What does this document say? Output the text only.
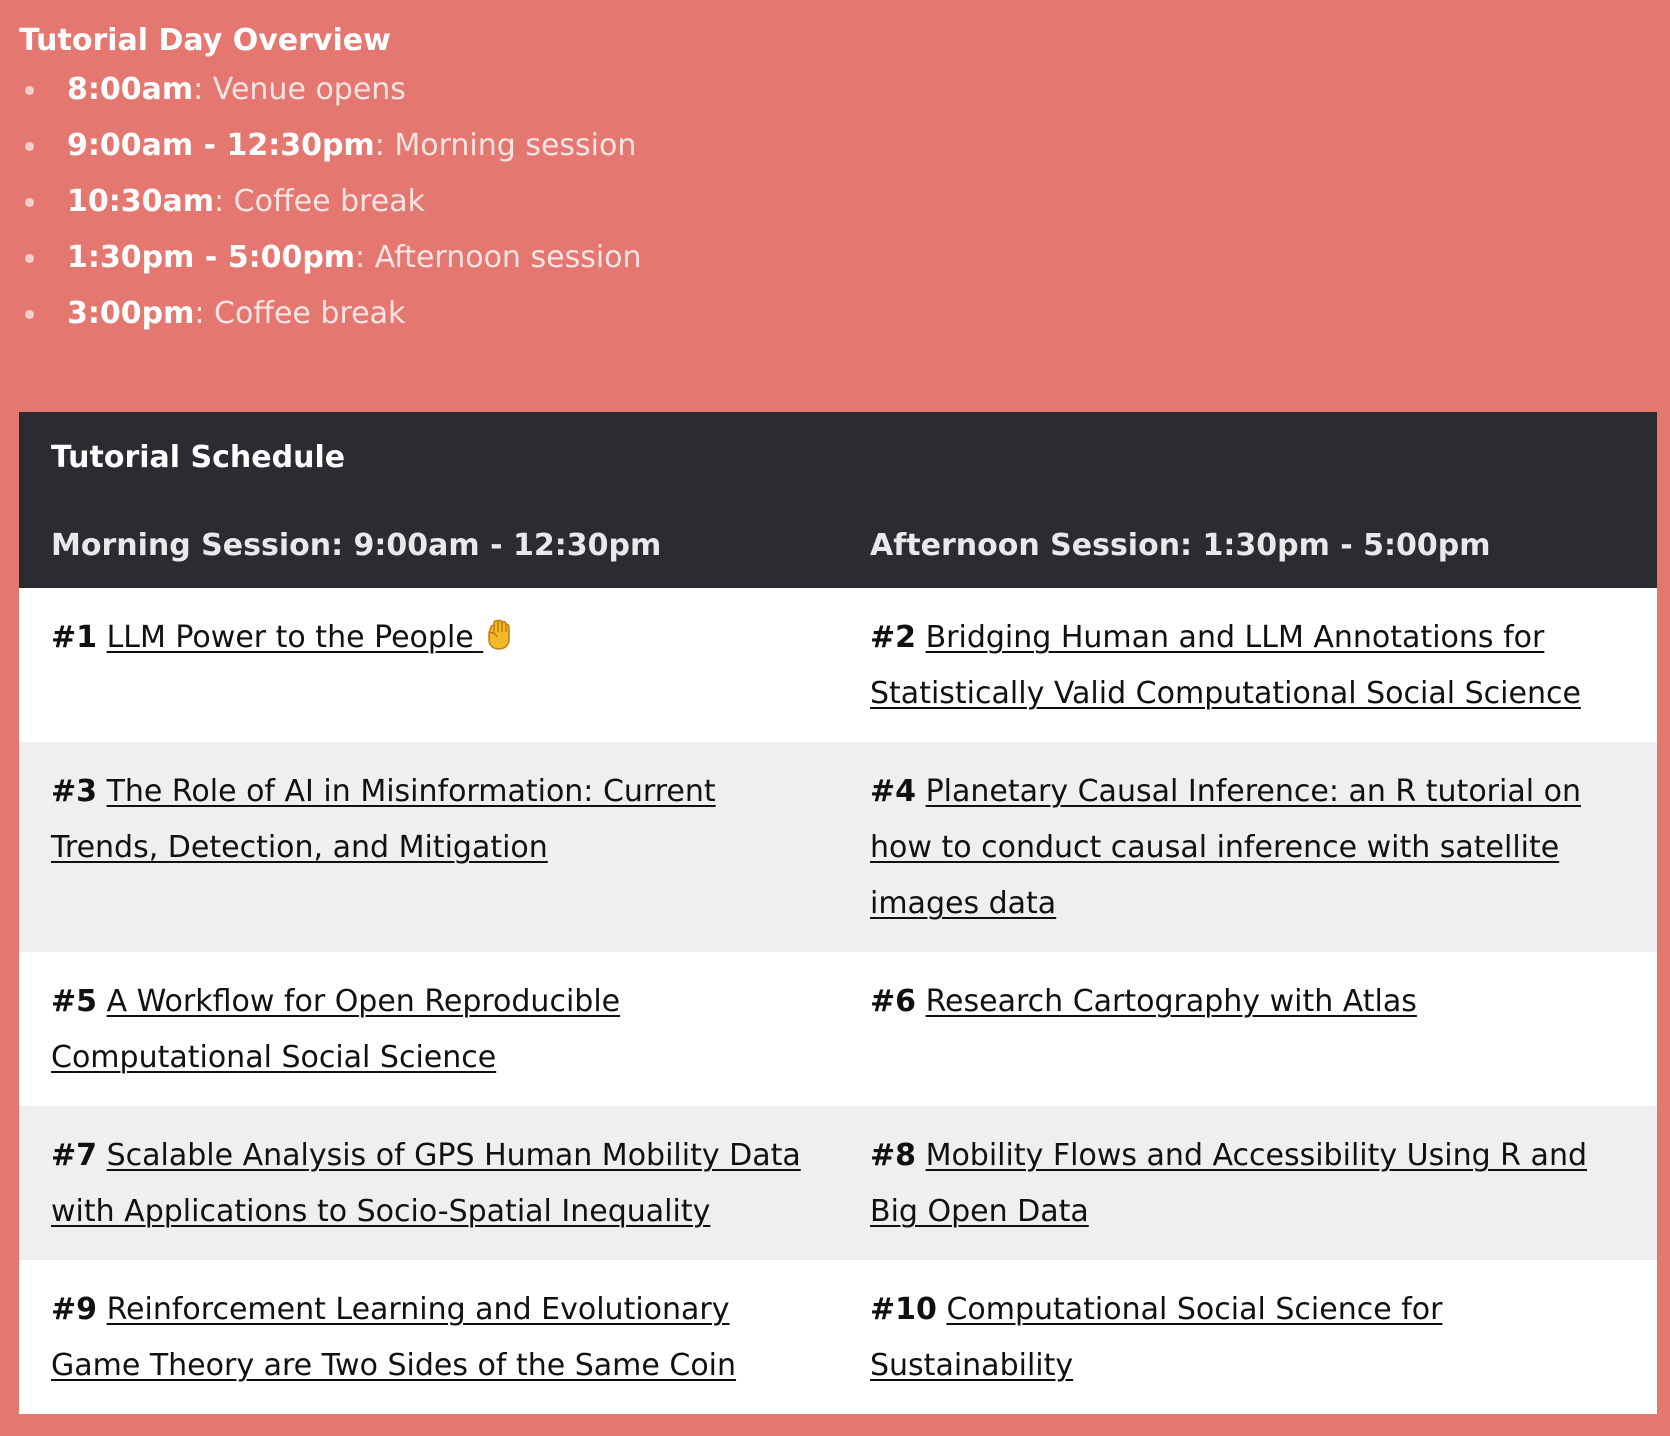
Tutorial Day Overview
8:00am: Venue opens
9:00am - 12:30pm: Morning session
10:30am: Coffee break
1:30pm - 5:00pm: Afternoon session
3:00pm: Coffee break
Tutorial Schedule	
Morning Session: 9:00am - 12:30pm	Afternoon Session: 1:30pm - 5:00pm
#1 LLM Power to the People	#2 Bridging Human and LLM Annotations for Statistically Valid Computational Social Science
#3 The Role of AI in Misinformation: Current Trends, Detection, and Mitigation	#4 Planetary Causal Inference: an R tutorial on how to conduct causal inference with satellite images data
#5 A Workflow for Open Reproducible Computational Social Science	#6 Research Cartography with Atlas
#7 Scalable Analysis of GPS Human Mobility Data with Applications to Socio-Spatial Inequality	#8 Mobility Flows and Accessibility Using R and Big Open Data
#9 Reinforcement Learning and Evolutionary Game Theory are Two Sides of the Same Coin	#10 Computational Social Science for Sustainability
